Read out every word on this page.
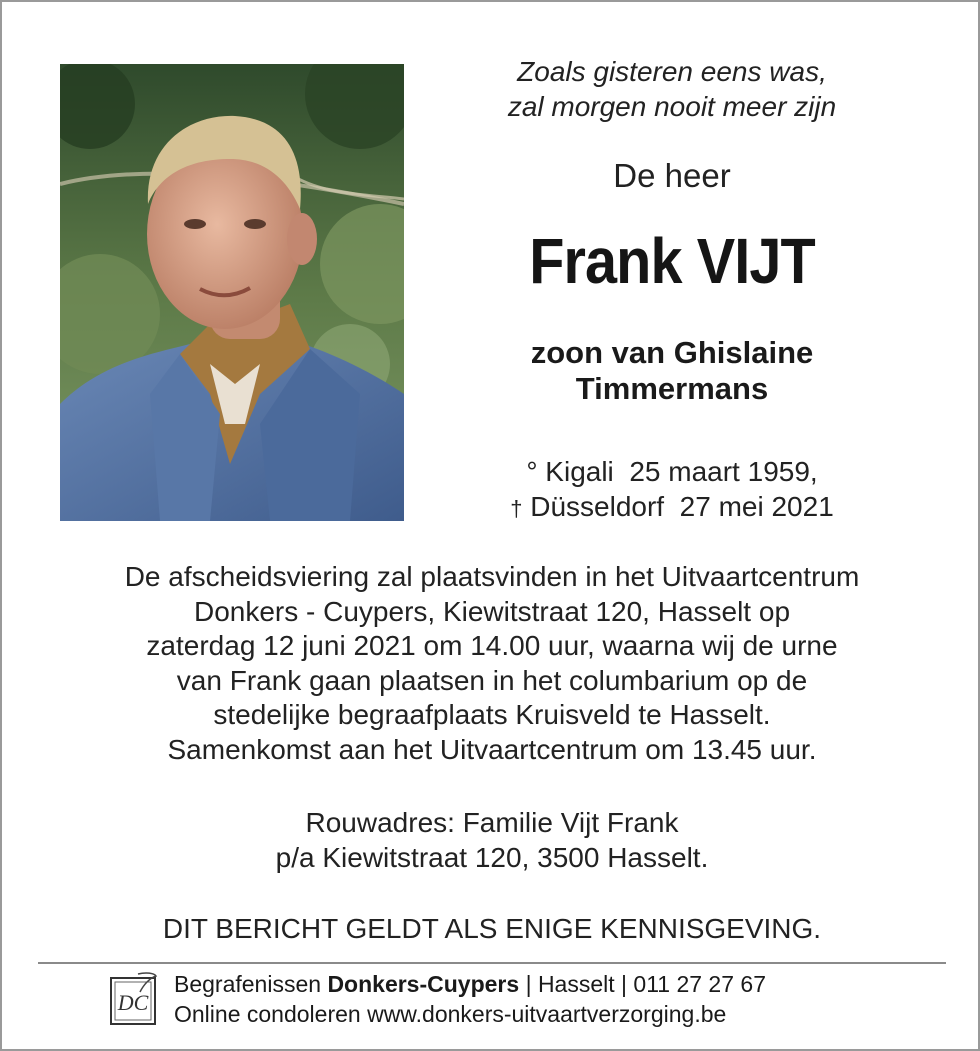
Zoals gisteren eens was,
zal morgen nooit meer zijn
De heer
Frank VIJT
zoon van Ghislaine
Timmermans
° Kigali 25 maart 1959,
† Düsseldorf 27 mei 2021
De afscheidsviering zal plaatsvinden in het Uitvaartcentrum
Donkers - Cuypers, Kiewitstraat 120, Hasselt op
zaterdag 12 juni 2021 om 14.00 uur, waarna wij de urne
van Frank gaan plaatsen in het columbarium op de
stedelijke begraafplaats Kruisveld te Hasselt.
Samenkomst aan het Uitvaartcentrum om 13.45 uur.
Rouwadres: Familie Vijt Frank
p/a Kiewitstraat 120, 3500 Hasselt.
DIT BERICHT GELDT ALS ENIGE KENNISGEVING.
DC
Begrafenissen Donkers-Cuypers | Hasselt | 011 27 27 67
Online condoleren www.donkers-uitvaartverzorging.be
